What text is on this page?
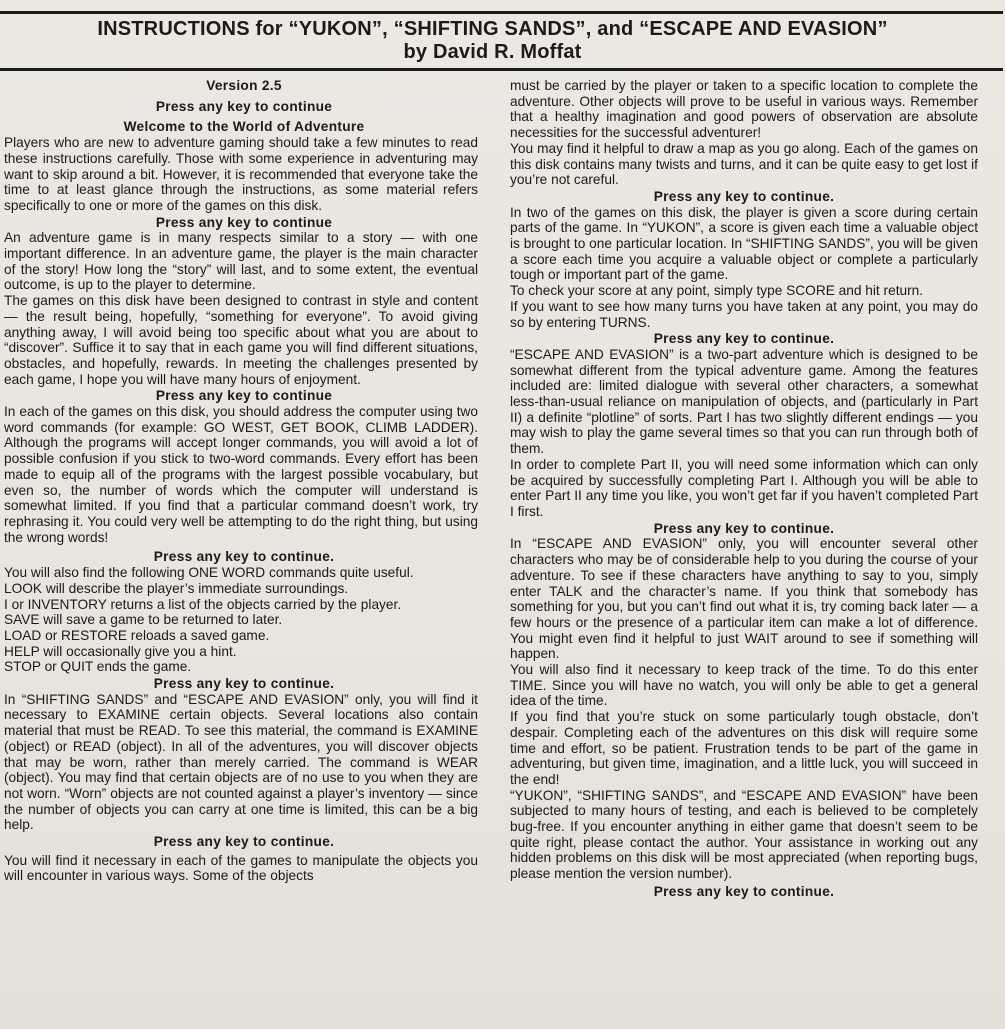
INSTRUCTIONS for “YUKON”, “SHIFTING SANDS”, and “ESCAPE AND EVASION”
by David R. Moffat

Version 2.5

Press any key to continue

Welcome to the World of Adventure

Players who are new to adventure gaming should take a few minutes to read these instructions carefully. Those with some experience in adventuring may want to skip around a bit. However, it is recommended that everyone take the time to at least glance through the instructions, as some material refers specifically to one or more of the games on this disk.

Press any key to continue

An adventure game is in many respects similar to a story — with one important difference. In an adventure game, the player is the main character of the story! How long the “story” will last, and to some extent, the eventual outcome, is up to the player to determine.

The games on this disk have been designed to contrast in style and content — the result being, hopefully, “something for everyone”. To avoid giving anything away, I will avoid being too specific about what you are about to “discover”. Suffice it to say that in each game you will find different situations, obstacles, and hopefully, rewards. In meeting the challenges presented by each game, I hope you will have many hours of enjoyment.

Press any key to continue

In each of the games on this disk, you should address the computer using two word commands (for example: GO WEST, GET BOOK, CLIMB LADDER). Although the programs will accept longer commands, you will avoid a lot of possible confusion if you stick to two-word commands. Every effort has been made to equip all of the programs with the largest possible vocabulary, but even so, the number of words which the computer will understand is somewhat limited. If you find that a particular command doesn’t work, try rephrasing it. You could very well be attempting to do the right thing, but using the wrong words!

Press any key to continue.

You will also find the following ONE WORD commands quite useful.

LOOK will describe the player’s immediate surroundings.

I or INVENTORY returns a list of the objects carried by the player.

SAVE will save a game to be returned to later.

LOAD or RESTORE reloads a saved game.

HELP will occasionally give you a hint.

STOP or QUIT ends the game.

Press any key to continue.

In “SHIFTING SANDS” and “ESCAPE AND EVASION” only, you will find it necessary to EXAMINE certain objects. Several locations also contain material that must be READ. To see this material, the command is EXAMINE (object) or READ (object). In all of the adventures, you will discover objects that may be worn, rather than merely carried. The command is WEAR (object). You may find that certain objects are of no use to you when they are not worn. “Worn” objects are not counted against a player’s inventory — since the number of objects you can carry at one time is limited, this can be a big help.

Press any key to continue.

You will find it necessary in each of the games to manipulate the objects you will encounter in various ways. Some of the objects

must be carried by the player or taken to a specific location to complete the adventure. Other objects will prove to be useful in various ways. Remember that a healthy imagination and good powers of observation are absolute necessities for the successful adventurer!

You may find it helpful to draw a map as you go along. Each of the games on this disk contains many twists and turns, and it can be quite easy to get lost if you’re not careful.

Press any key to continue.

In two of the games on this disk, the player is given a score during certain parts of the game. In “YUKON”, a score is given each time a valuable object is brought to one particular location. In “SHIFTING SANDS”, you will be given a score each time you acquire a valuable object or complete a particularly tough or important part of the game.

To check your score at any point, simply type SCORE and hit return.

If you want to see how many turns you have taken at any point, you may do so by entering TURNS.

Press any key to continue.

“ESCAPE AND EVASION” is a two-part adventure which is designed to be somewhat different from the typical adventure game. Among the features included are: limited dialogue with several other characters, a somewhat less-than-usual reliance on manipulation of objects, and (particularly in Part II) a definite “plotline” of sorts. Part I has two slightly different endings — you may wish to play the game several times so that you can run through both of them.

In order to complete Part II, you will need some information which can only be acquired by successfully completing Part I. Although you will be able to enter Part II any time you like, you won’t get far if you haven’t completed Part I first.

Press any key to continue.

In “ESCAPE AND EVASION” only, you will encounter several other characters who may be of considerable help to you during the course of your adventure. To see if these characters have anything to say to you, simply enter TALK and the character’s name. If you think that somebody has something for you, but you can’t find out what it is, try coming back later — a few hours or the presence of a particular item can make a lot of difference. You might even find it helpful to just WAIT around to see if something will happen.

You will also find it necessary to keep track of the time. To do this enter TIME. Since you will have no watch, you will only be able to get a general idea of the time.

If you find that you’re stuck on some particularly tough obstacle, don’t despair. Completing each of the adventures on this disk will require some time and effort, so be patient. Frustration tends to be part of the game in adventuring, but given time, imagination, and a little luck, you will succeed in the end!

“YUKON”, “SHIFTING SANDS”, and “ESCAPE AND EVASION” have been subjected to many hours of testing, and each is believed to be completely bug-free. If you encounter anything in either game that doesn’t seem to be quite right, please contact the author. Your assistance in working out any hidden problems on this disk will be most appreciated (when reporting bugs, please mention the version number).

Press any key to continue.
